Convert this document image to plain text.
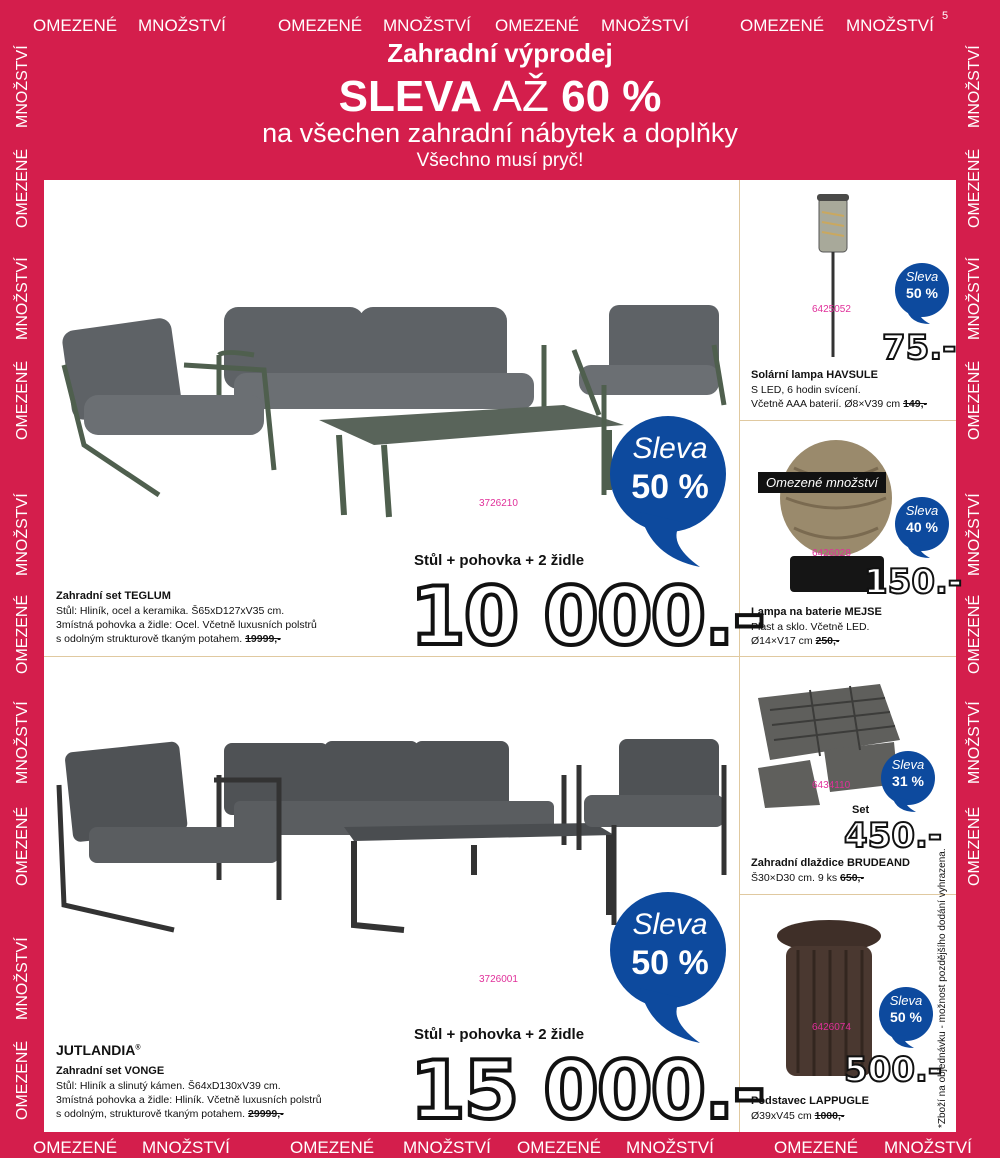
OMEZENÉ MNOŽSTVÍ	OMEZENÉ MNOŽSTVÍ OMEZENÉ MNOŽSTVÍ	OMEZENÉ MNOŽSTVÍ 5
OMEZENÉ MNOŽSTVÍ	OMEZENÉ MNOŽSTVÍ OMEZENÉ MNOŽSTVÍ	OMEZENÉ MNOŽSTVÍ
MNOŽSTVÍ
OMEZENÉ
MNOŽSTVÍ
OMEZENÉ
MNOŽSTVÍ
OMEZENÉ
MNOŽSTVÍ
OMEZENÉ
MNOŽSTVÍ
OMEZENÉ
MNOŽSTVÍ
OMEZENÉ
MNOŽSTVÍ
OMEZENÉ
MNOŽSTVÍ
OMEZENÉ
MNOŽSTVÍ
OMEZENÉ
Zahradní výprodej
SLEVA AŽ 60 %
na všechen zahradní nábytek a doplňky
Všechno musí pryč!
3726210
Sleva
50 %
Stůl + pohovka + 2 židle
10 000.-
Zahradní set TEGLUM
Stůl: Hliník, ocel a keramika. Š65xD127xV35 cm.
3místná pohovka a židle: Ocel. Včetně luxusních polstrů
s odolným strukturově tkaným potahem. 19999,-
3726001
Sleva
50 %
Stůl + pohovka + 2 židle
15 000.-
JUTLANDIA®
Zahradní set VONGE
Stůl: Hliník a slinutý kámen. Š64xD130xV39 cm.
3místná pohovka a židle: Hliník. Včetně luxusních polstrů
s odolným, strukturově tkaným potahem. 29999,-
6425052
Sleva
50 %
75.-
Solární lampa HAVSULE
S LED, 6 hodin svícení.
Včetně AAA baterií. Ø8×V39 cm 149,-
Omezené množství
6426028
Sleva
40 %
150.-
Lampa na baterie MEJSE
Plast a sklo. Včetně LED.
Ø14×V17 cm 250,-
6434110
Sleva
31 %
Set
450.-
Zahradní dlaždice BRUDEAND
Š30×D30 cm. 9 ks 650,-
6426074
Sleva
50 %
500.-
Podstavec LAPPUGLE
Ø39xV45 cm 1000,-	*Zboží na objednávku - možnost pozdějšího dodání vyhrazena.
